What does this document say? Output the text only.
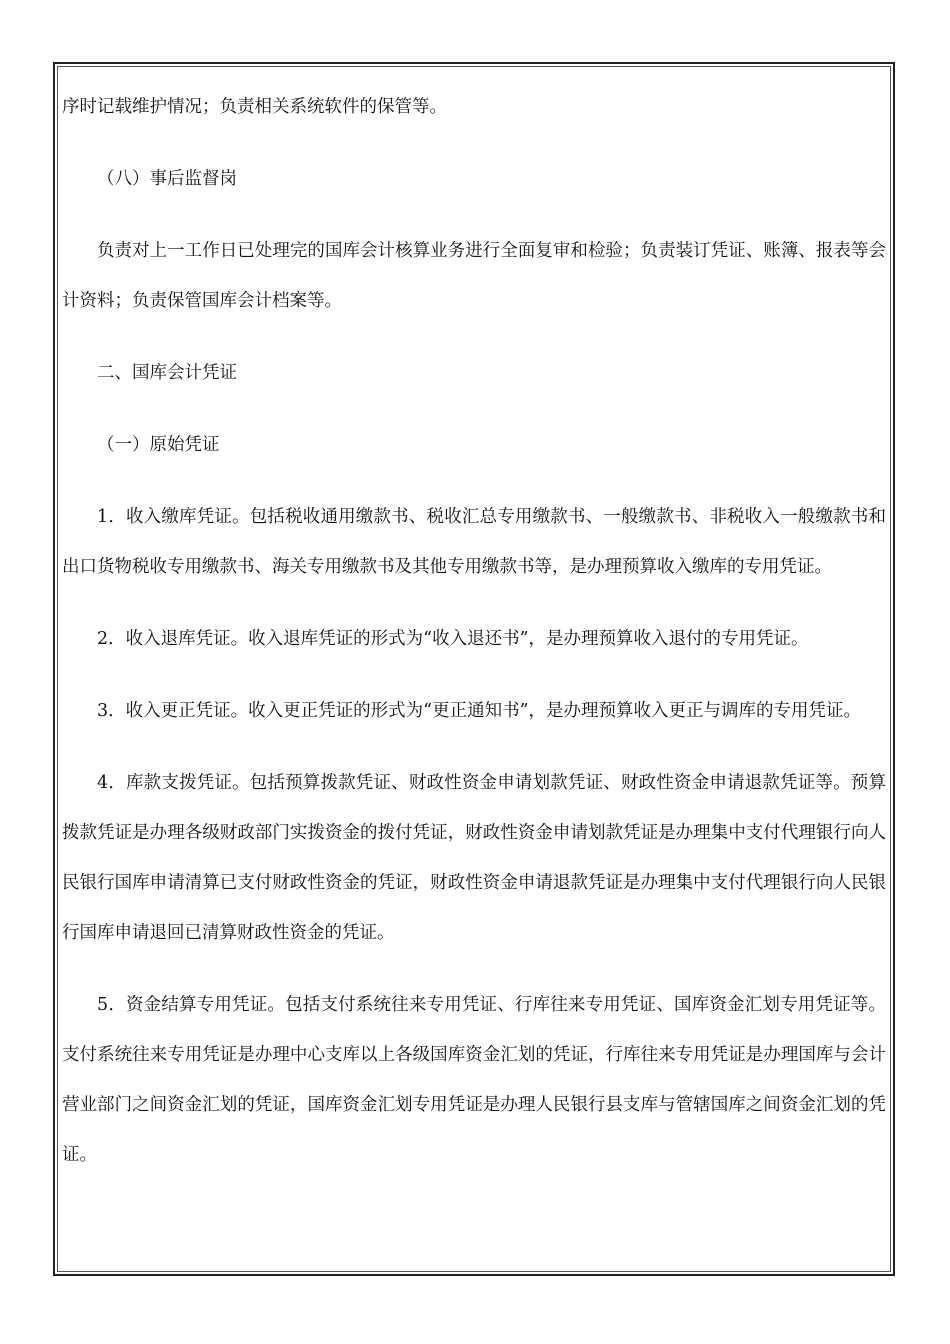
序时记载维护情况；负责相关系统软件的保管等。

（八）事后监督岗

负责对上一工作日已处理完的国库会计核算业务进行全面复审和检验；负责装订凭证、账簿、报表等会计资料；负责保管国库会计档案等。

二、国库会计凭证

（一）原始凭证

1．收入缴库凭证。包括税收通用缴款书、税收汇总专用缴款书、一般缴款书、非税收入一般缴款书和出口货物税收专用缴款书、海关专用缴款书及其他专用缴款书等，是办理预算收入缴库的专用凭证。

2．收入退库凭证。收入退库凭证的形式为“收入退还书”，是办理预算收入退付的专用凭证。

3．收入更正凭证。收入更正凭证的形式为“更正通知书”，是办理预算收入更正与调库的专用凭证。

4．库款支拨凭证。包括预算拨款凭证、财政性资金申请划款凭证、财政性资金申请退款凭证等。预算拨款凭证是办理各级财政部门实拨资金的拨付凭证，财政性资金申请划款凭证是办理集中支付代理银行向人民银行国库申请清算已支付财政性资金的凭证，财政性资金申请退款凭证是办理集中支付代理银行向人民银行国库申请退回已清算财政性资金的凭证。

5．资金结算专用凭证。包括支付系统往来专用凭证、行库往来专用凭证、国库资金汇划专用凭证等。支付系统往来专用凭证是办理中心支库以上各级国库资金汇划的凭证，行库往来专用凭证是办理国库与会计营业部门之间资金汇划的凭证，国库资金汇划专用凭证是办理人民银行县支库与管辖国库之间资金汇划的凭证。
